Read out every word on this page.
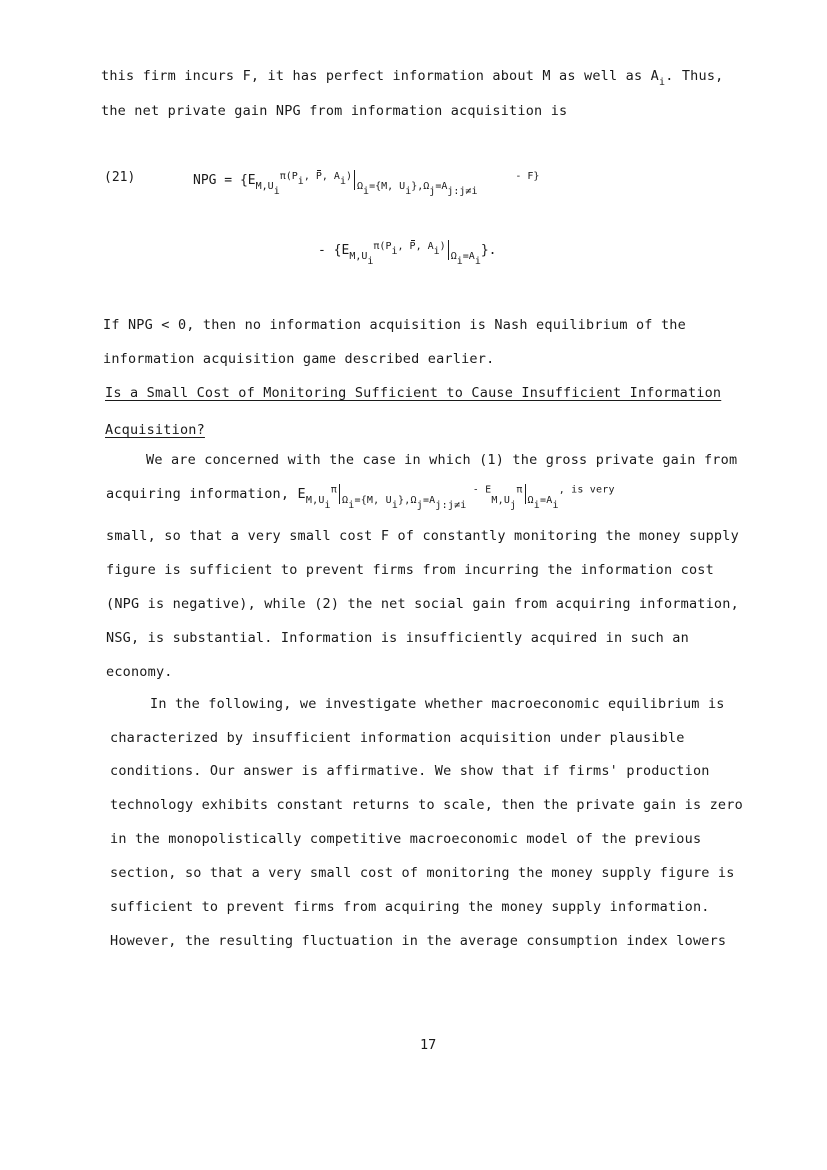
this firm incurs F, it has perfect information about M as well as $A_i$. Thus,
the net private gain NPG from information acquisition is
(21)	NPG = {$E_{M,U_i}^{\pi(P_i, P, A_i)}_{\Omega_i=\{M, U_i\},\Omega_j=A_{j:j\ne i}}$ $^{- F\}}$
- $\{E_{M,U_i}^{\pi(P_i, P, A_i)}_{\Omega_i=A_i}\}$.
If NPG < 0, then no information acquisition is Nash equilibrium of the
information acquisition game described earlier.
Is a Small Cost of Monitoring Sufficient to Cause Insufficient Information
Acquisition?
We are concerned with the case in which (1) the gross private gain from
acquiring information, $E_{M,U_i}^\pi_{\Omega_i=\{M, U_i\},\Omega_j=A_{j:j\ne i}}$ $^{- E}_{M,U_j}^\pi_{\Omega_i=A_i}^{, is very}$
small, so that a very small cost F of constantly monitoring the money supply
figure is sufficient to prevent firms from incurring the information cost
(NPG is negative), while (2) the net social gain from acquiring information,
NSG, is substantial. Information is insufficiently acquired in such an
economy.
In the following, we investigate whether macroeconomic equilibrium is
characterized by insufficient information acquisition under plausible
conditions. Our answer is affirmative. We show that if firms' production
technology exhibits constant returns to scale, then the private gain is zero
in the monopolistically competitive macroeconomic model of the previous
section, so that a very small cost of monitoring the money supply figure is
sufficient to prevent firms from acquiring the money supply information.
However, the resulting fluctuation in the average consumption index lowers
17
